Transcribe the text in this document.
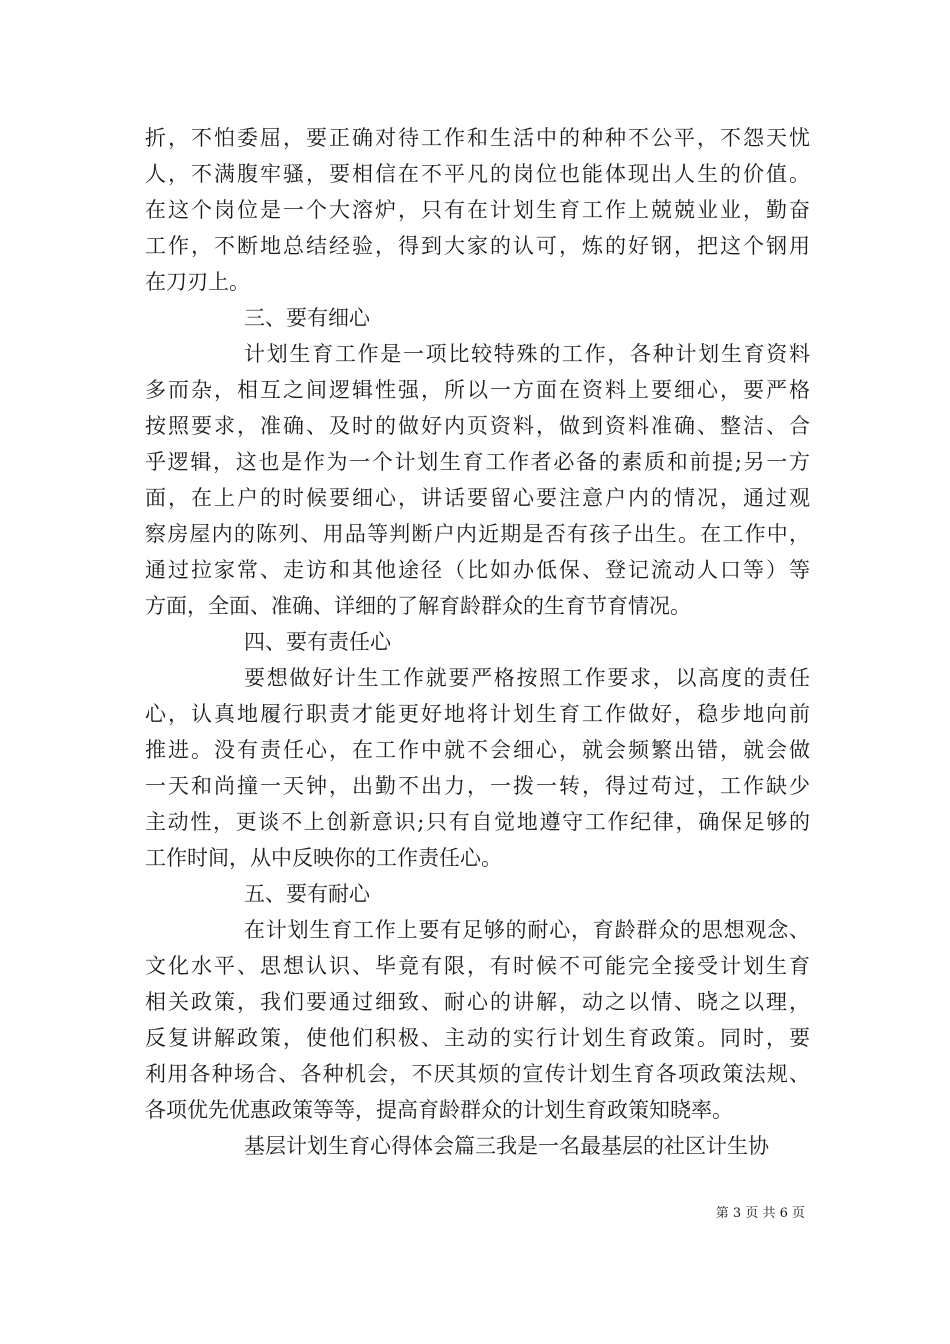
折，不怕委屈，要正确对待工作和生活中的种种不公平，不怨天忧
人，不满腹牢骚，要相信在不平凡的岗位也能体现出人生的价值。
在这个岗位是一个大溶炉，只有在计划生育工作上兢兢业业，勤奋
工作，不断地总结经验，得到大家的认可，炼的好钢，把这个钢用
在刀刃上。
三、要有细心
计划生育工作是一项比较特殊的工作，各种计划生育资料
多而杂，相互之间逻辑性强，所以一方面在资料上要细心，要严格
按照要求，准确、及时的做好内页资料，做到资料准确、整洁、合
乎逻辑，这也是作为一个计划生育工作者必备的素质和前提;另一方
面，在上户的时候要细心，讲话要留心要注意户内的情况，通过观
察房屋内的陈列、用品等判断户内近期是否有孩子出生。在工作中，
通过拉家常、走访和其他途径（比如办低保、登记流动人口等）等
方面，全面、准确、详细的了解育龄群众的生育节育情况。
四、要有责任心
要想做好计生工作就要严格按照工作要求，以高度的责任
心，认真地履行职责才能更好地将计划生育工作做好，稳步地向前
推进。没有责任心，在工作中就不会细心，就会频繁出错，就会做
一天和尚撞一天钟，出勤不出力，一拨一转，得过苟过，工作缺少
主动性，更谈不上创新意识;只有自觉地遵守工作纪律，确保足够的
工作时间，从中反映你的工作责任心。
五、要有耐心
在计划生育工作上要有足够的耐心，育龄群众的思想观念、
文化水平、思想认识、毕竟有限，有时候不可能完全接受计划生育
相关政策，我们要通过细致、耐心的讲解，动之以情、晓之以理，
反复讲解政策，使他们积极、主动的实行计划生育政策。同时，要
利用各种场合、各种机会，不厌其烦的宣传计划生育各项政策法规、
各项优先优惠政策等等，提高育龄群众的计划生育政策知晓率。
基层计划生育心得体会篇三我是一名最基层的社区计生协
第 3 页 共 6 页
